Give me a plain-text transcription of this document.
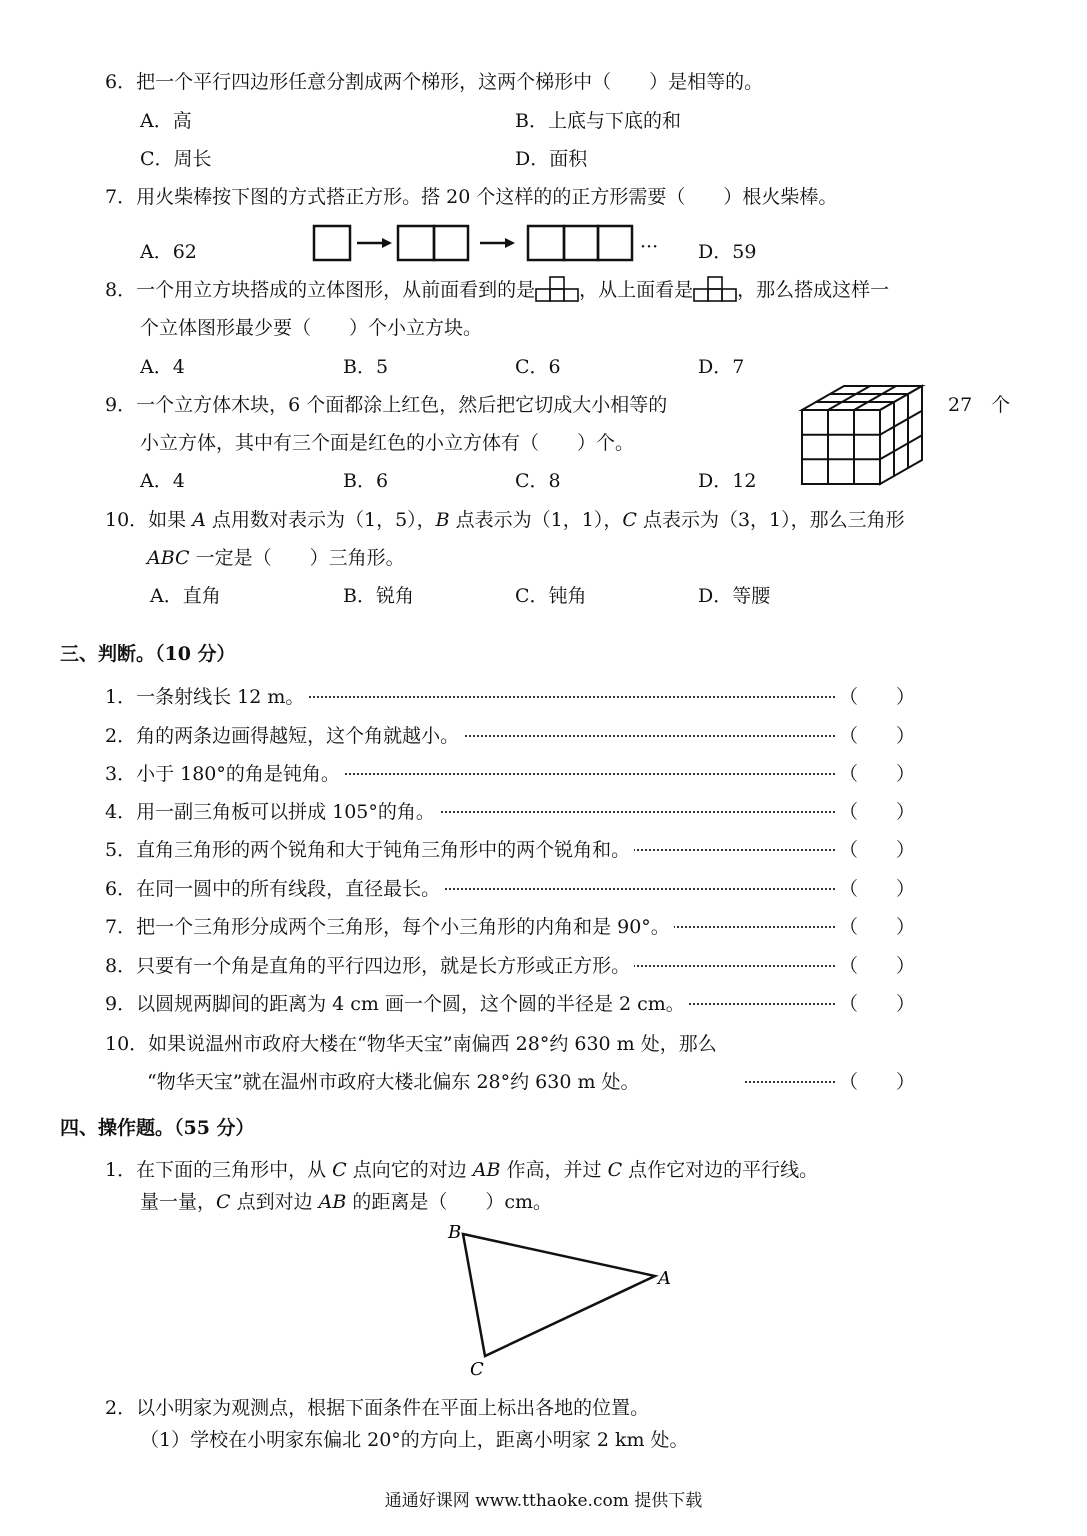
6．把一个平行四边形任意分割成两个梯形，这两个梯形中（　　）是相等的。
A．高	B．上底与下底的和
C．周长	D．面积
7．用火柴棒按下图的方式搭正方形。搭 20 个这样的的正方形需要（　　）根火柴棒。
A．62	··· D．59
8．一个用立方块搭成的立体图形，从前面看到的是 ，从上面看是 ，那么搭成这样一
个立体图形最少要（　　）个小立方块。
A．4	B．5	C．6	D．7
9．一个立方体木块，6 个面都涂上红色，然后把它切成大小相等的	27　个
小立方体，其中有三个面是红色的小立方体有（　　）个。
A．4	B．6	C．8	D．12
10．如果 A 点用数对表示为（1，5），B 点表示为（1，1），C 点表示为（3，1），那么三角形
ABC 一定是（　　）三角形。
A．直角	B．锐角	C．钝角	D．等腰
三、判断。（10 分）
1．一条射线长 12 m。	（　　）
2．角的两条边画得越短，这个角就越小。	（　　）
3．小于 180°的角是钝角。	（　　）
4．用一副三角板可以拼成 105°的角。	（　　）
5．直角三角形的两个锐角和大于钝角三角形中的两个锐角和。	（　　）
6．在同一圆中的所有线段，直径最长。	（　　）
7．把一个三角形分成两个三角形，每个小三角形的内角和是 90°。	（　　）
8．只要有一个角是直角的平行四边形，就是长方形或正方形。	（　　）
9．以圆规两脚间的距离为 4 cm 画一个圆，这个圆的半径是 2 cm。	（　　）
10．如果说温州市政府大楼在“物华天宝”南偏西 28°约 630 m 处，那么
“物华天宝”就在温州市政府大楼北偏东 28°约 630 m 处。	（　　）
四、操作题。（55 分）
1．在下面的三角形中，从 C 点向它的对边 AB 作高，并过 C 点作它对边的平行线。
量一量，C 点到对边 AB 的距离是（　　）cm。
B
A
C
2．以小明家为观测点，根据下面条件在平面上标出各地的位置。
（1）学校在小明家东偏北 20°的方向上，距离小明家 2 km 处。
通通好课网 www.tthaoke.com 提供下载
